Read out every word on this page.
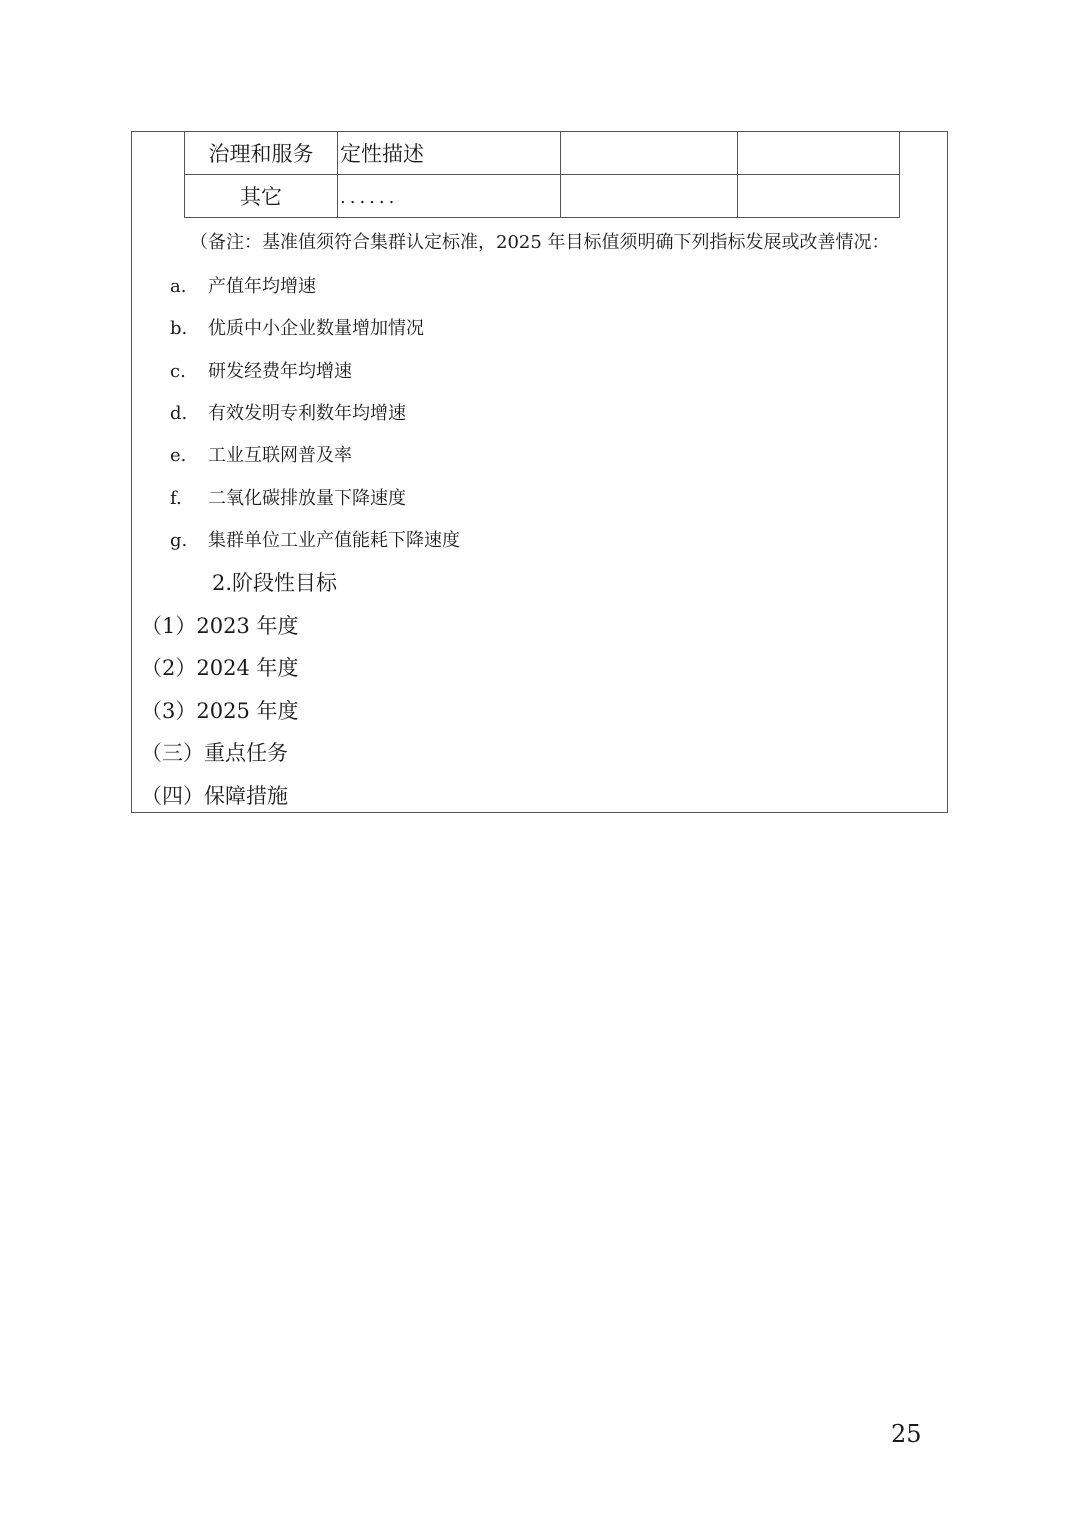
治理和服务	定性描述		
其它	......		
（备注：基准值须符合集群认定标准，2025 年目标值须明确下列指标发展或改善情况：
a. 产值年均增速
b. 优质中小企业数量增加情况
c. 研发经费年均增速
d. 有效发明专利数年均增速
e. 工业互联网普及率
f. 二氧化碳排放量下降速度
g. 集群单位工业产值能耗下降速度
2.阶段性目标
（1）2023 年度
（2）2024 年度
（3）2025 年度
（三）重点任务
（四）保障措施
25
